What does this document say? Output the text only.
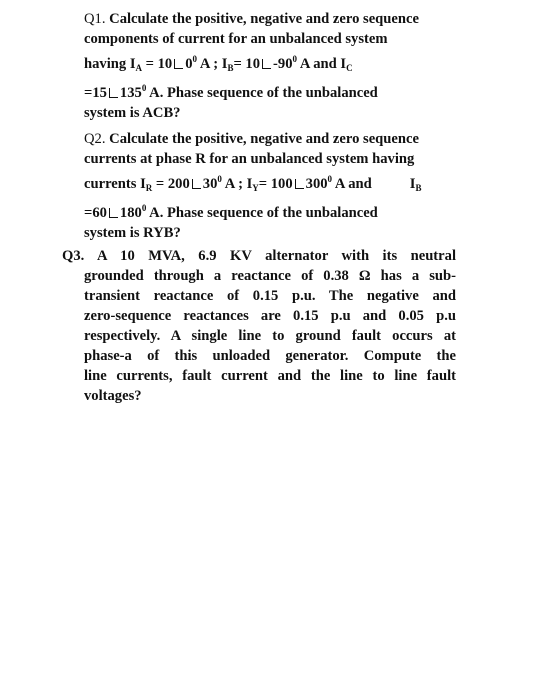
Q1. Calculate the positive, negative and zero sequence
components of current for an unbalanced system
having $I_A = 10$ $0^0$ A ; $I_B= 10$ $-90^0$ A and $I_C$
=15 $135^0$ A. Phase sequence of the unbalanced
system is ACB?
Q2. Calculate the positive, negative and zero sequence
currents at phase R for an unbalanced system having
currents $I_R = 200$ $30^0$ A ; $I_Y= 100$ $300^0$ A and	$I_B$
=60 $180^0$ A. Phase sequence of the unbalanced
system is RYB?
Q3. A 10 MVA, 6.9 KV alternator with its neutral
grounded through a reactance of 0.38 Ω has a sub-
transient reactance of 0.15 p.u. The negative and
zero-sequence reactances are 0.15 p.u and 0.05 p.u
respectively. A single line to ground fault occurs at
phase-a of this unloaded generator. Compute the
line currents, fault current and the line to line fault
voltages?
